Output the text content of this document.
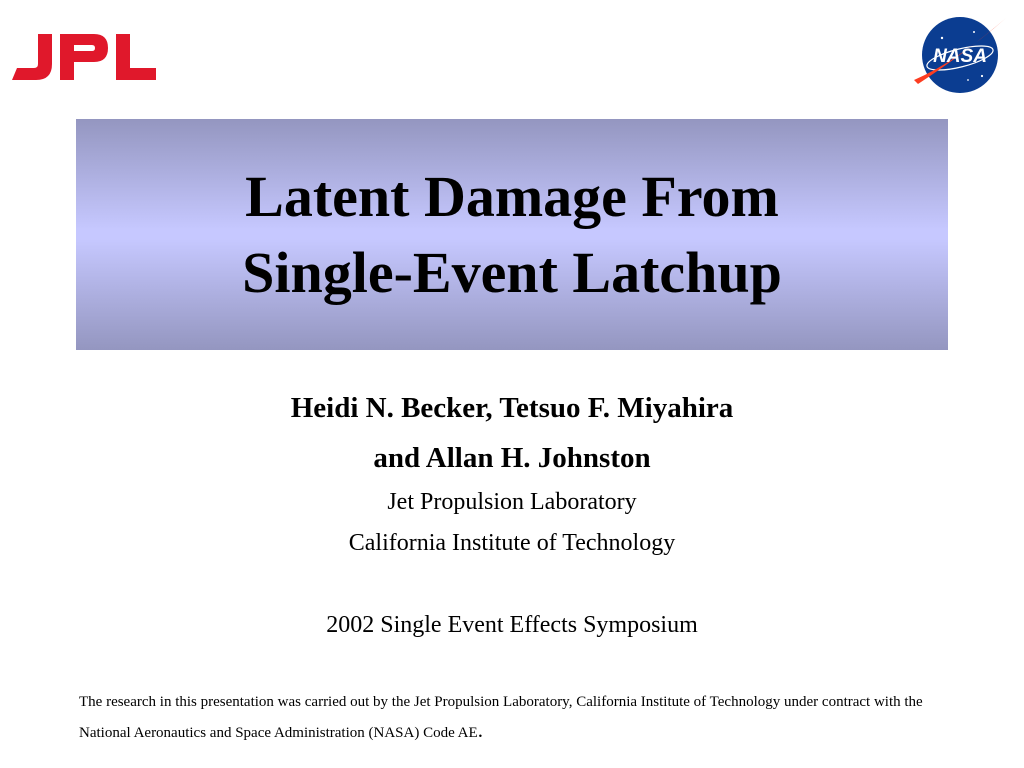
NASA
Latent Damage From
Single-Event Latchup
Heidi N. Becker, Tetsuo F. Miyahira
and Allan H. Johnston
Jet Propulsion Laboratory
California Institute of Technology
2002 Single Event Effects Symposium
The research in this presentation was carried out by the Jet Propulsion Laboratory, California Institute of Technology under contract with the National Aeronautics and Space Administration (NASA) Code AE.
